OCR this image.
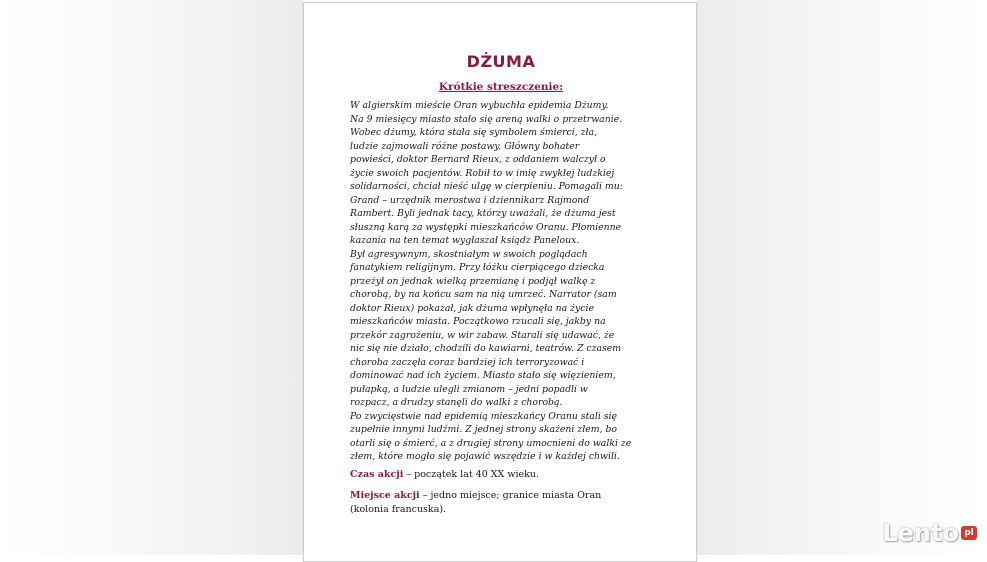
DŻUMA
Krótkie streszczenie:
W algierskim mieście Oran wybuchła epidemia Dżumy.
Na 9 miesięcy miasto stało się areną walki o przetrwanie.
Wobec dżumy, która stała się symbolem śmierci, zła,
ludzie zajmowali różne postawy. Główny bohater
powieści, doktor Bernard Rieux, z oddaniem walczył o
życie swoich pacjentów. Robił to w imię zwykłej ludzkiej
solidarności, chciał nieść ulgę w cierpieniu. Pomagali mu:
Grand – urzędnik merostwa i dziennikarz Rajmond
Rambert. Byli jednak tacy, którzy uważali, że dżuma jest
słuszną karą za występki mieszkańców Oranu. Płomienne
kazania na ten temat wygłaszał ksiądz Paneloux.
Był agresywnym, skostniałym w swoich poglądach
fanatykiem religijnym. Przy łóżku cierpiącego dziecka
przeżył on jednak wielką przemianę i podjął walkę z
chorobą, by na końcu sam na nią umrzeć. Narrator (sam
doktor Rieux) pokazał, jak dżuma wpłynęła na życie
mieszkańców miasta. Początkowo rzucali się, jakby na
przekór zagrożeniu, w wir zabaw. Starali się udawać, że
nic się nie działo, chodzili do kawiarni, teatrów. Z czasem
choroba zaczęła coraz bardziej ich terroryzować i
dominować nad ich życiem. Miasto stało się więzieniem,
pułapką, a ludzie ulegli zmianom – jedni popadli w
rozpacz, a drudzy stanęli do walki z chorobą.
Po zwycięstwie nad epidemią mieszkańcy Oranu stali się
zupełnie innymi ludźmi. Z jednej strony skażeni złem, bo
otarli się o śmierć, a z drugiej strony umocnieni do walki ze
złem, które mogło się pojawić wszędzie i w każdej chwili.
Czas akcji – początek lat 40 XX wieku.
Miejsce akcji – jedno miejsce; granice miasta Oran
(kolonia francuska).
Lento pl
